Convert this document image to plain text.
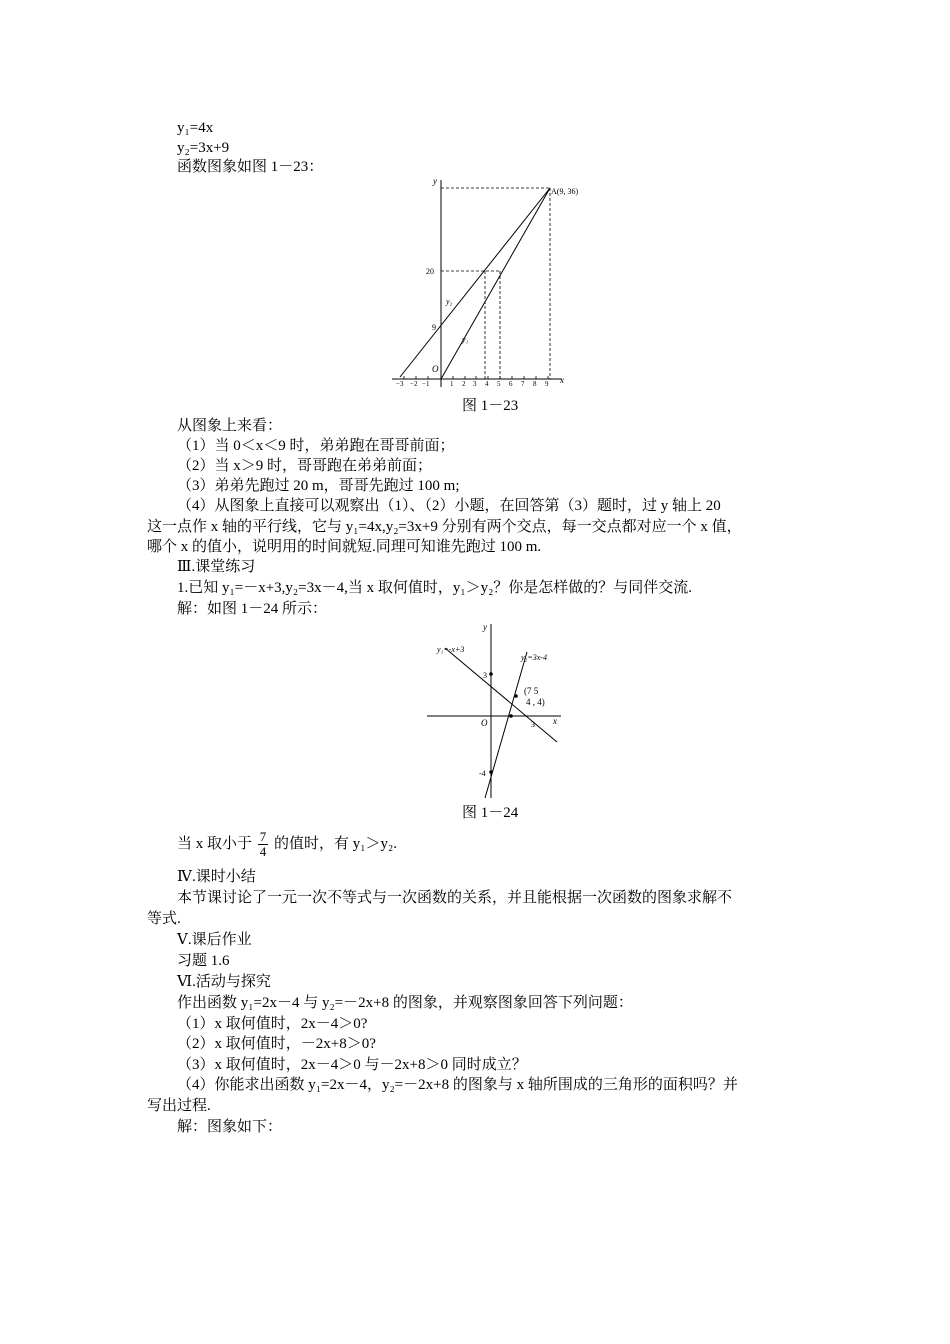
y₁=4x
y₂=3x+9
函数图象如图 1－23：
y
x
O
A(9, 36)
y₁
y₂
20
9
−3 −2 −1	1 2 3 4 5 6 7 8 9
图 1－23
从图象上来看：
（1）当 0＜x＜9 时，弟弟跑在哥哥前面；
（2）当 x＞9 时，哥哥跑在弟弟前面；
（3）弟弟先跑过 20 m，哥哥先跑过 100 m;
（4）从图象上直接可以观察出（1）、（2）小题，在回答第（3）题时，过 y 轴上 20
这一点作 x 轴的平行线，它与 y₁=4x,y₂=3x+9 分别有两个交点，每一交点都对应一个 x 值，
哪个 x 的值小，说明用的时间就短.同理可知谁先跑过 100 m.
Ⅲ.课堂练习
1.已知 y₁=－x+3,y₂=3x－4,当 x 取何值时，y₁＞y₂？你是怎样做的？与同伴交流.
解：如图 1－24 所示：
y
x
O
y₁=-x+3
y₂=3x-4
(7 5
4 , 4)
3
3
-4
图 1－24
当 x 取小于 $\frac{7}{4}$ 的值时，有 y₁＞y₂.
Ⅳ.课时小结
本节课讨论了一元一次不等式与一次函数的关系，并且能根据一次函数的图象求解不
等式.
Ⅴ.课后作业
习题 1.6
Ⅵ.活动与探究
作出函数 y₁=2x－4 与 y₂=－2x+8 的图象，并观察图象回答下列问题：
（1）x 取何值时，2x－4＞0?
（2）x 取何值时，－2x+8＞0?
（3）x 取何值时，2x－4＞0 与－2x+8＞0 同时成立？
（4）你能求出函数 y₁=2x－4，y₂=－2x+8 的图象与 x 轴所围成的三角形的面积吗？并
写出过程.
解：图象如下：
